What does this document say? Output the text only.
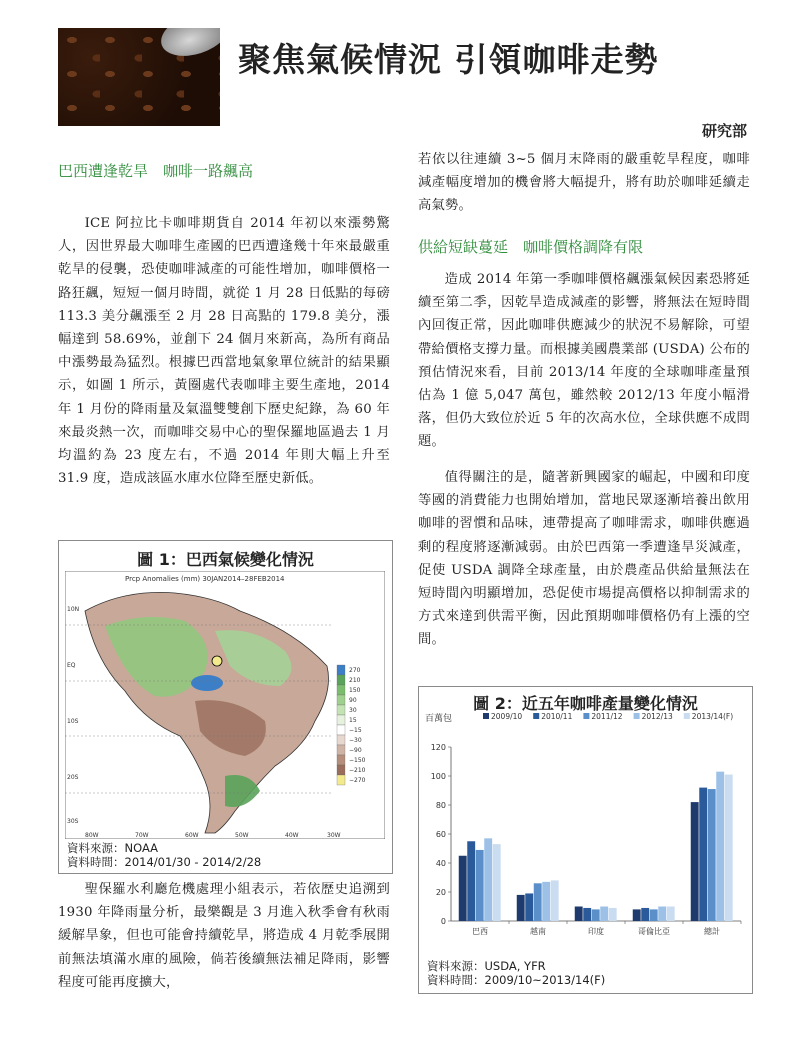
聚焦氣候情況 引領咖啡走勢
研究部
巴西遭逢乾旱　咖啡一路飆高

ICE 阿拉比卡咖啡期貨自 2014 年初以來漲勢驚人，因世界最大咖啡生產國的巴西遭逢幾十年來最嚴重乾旱的侵襲，恐使咖啡減產的可能性增加，咖啡價格一路狂飆，短短一個月時間，就從 1 月 28 日低點的每磅 113.3 美分飆漲至 2 月 28 日高點的 179.8 美分，漲幅達到 58.69%，並創下 24 個月來新高，為所有商品中漲勢最為猛烈。根據巴西當地氣象單位統計的結果顯示，如圖 1 所示，黃圈處代表咖啡主要生產地，2014 年 1 月份的降雨量及氣溫雙雙創下歷史紀錄，為 60 年來最炎熱一次，而咖啡交易中心的聖保羅地區過去 1 月均溫約為 23 度左右，不過 2014 年則大幅上升至 31.9 度，造成該區水庫水位降至歷史新低。

圖 1：巴西氣候變化情況
Prcp Anomalies (mm) 30JAN2014–28FEB2014
10N
EQ
10S
20S
30S
80W	70W	60W	50W	40W	30W
270
210
150
90
30
15
−15
−30
−90
−150
−210
−270
資料來源：NOAA
資料時間：2014/01/30 - 2014/2/28

聖保羅水利廳危機處理小組表示，若依歷史追溯到 1930 年降雨量分析，最樂觀是 3 月進入秋季會有秋雨緩解旱象，但也可能會持續乾旱，將造成 4 月乾季展開前無法填滿水庫的風險，倘若後續無法補足降雨，影響程度可能再度擴大，

若依以往連續 3~5 個月末降雨的嚴重乾旱程度，咖啡減產幅度增加的機會將大幅提升，將有助於咖啡延續走高氣勢。

供給短缺蔓延　咖啡價格調降有限

造成 2014 年第一季咖啡價格飆漲氣候因素恐將延續至第二季，因乾旱造成減產的影響，將無法在短時間內回復正常，因此咖啡供應減少的狀況不易解除，可望帶給價格支撐力量。而根據美國農業部 (USDA) 公布的預估情況來看，目前 2013/14 年度的全球咖啡產量預估為 1 億 5,047 萬包，雖然較 2012/13 年度小幅滑落，但仍大致位於近 5 年的次高水位，全球供應不成問題。

值得關注的是，隨著新興國家的崛起，中國和印度等國的消費能力也開始增加，當地民眾逐漸培養出飲用咖啡的習慣和品味，連帶提高了咖啡需求，咖啡供應過剩的程度將逐漸減弱。由於巴西第一季遭逢旱災減產，促使 USDA 調降全球產量，由於農產品供給量無法在短時間內明顯增加，恐促使市場提高價格以抑制需求的方式來達到供需平衡，因此預期咖啡價格仍有上漲的空間。

圖 2：近五年咖啡產量變化情況
百萬包	2009/10	2010/11	2011/12	2012/13	2013/14(F)
0
20
40
60
80
100
120
巴西	越南	印度	哥倫比亞	總計
資料來源：USDA, YFR
資料時間：2009/10~2013/14(F)
